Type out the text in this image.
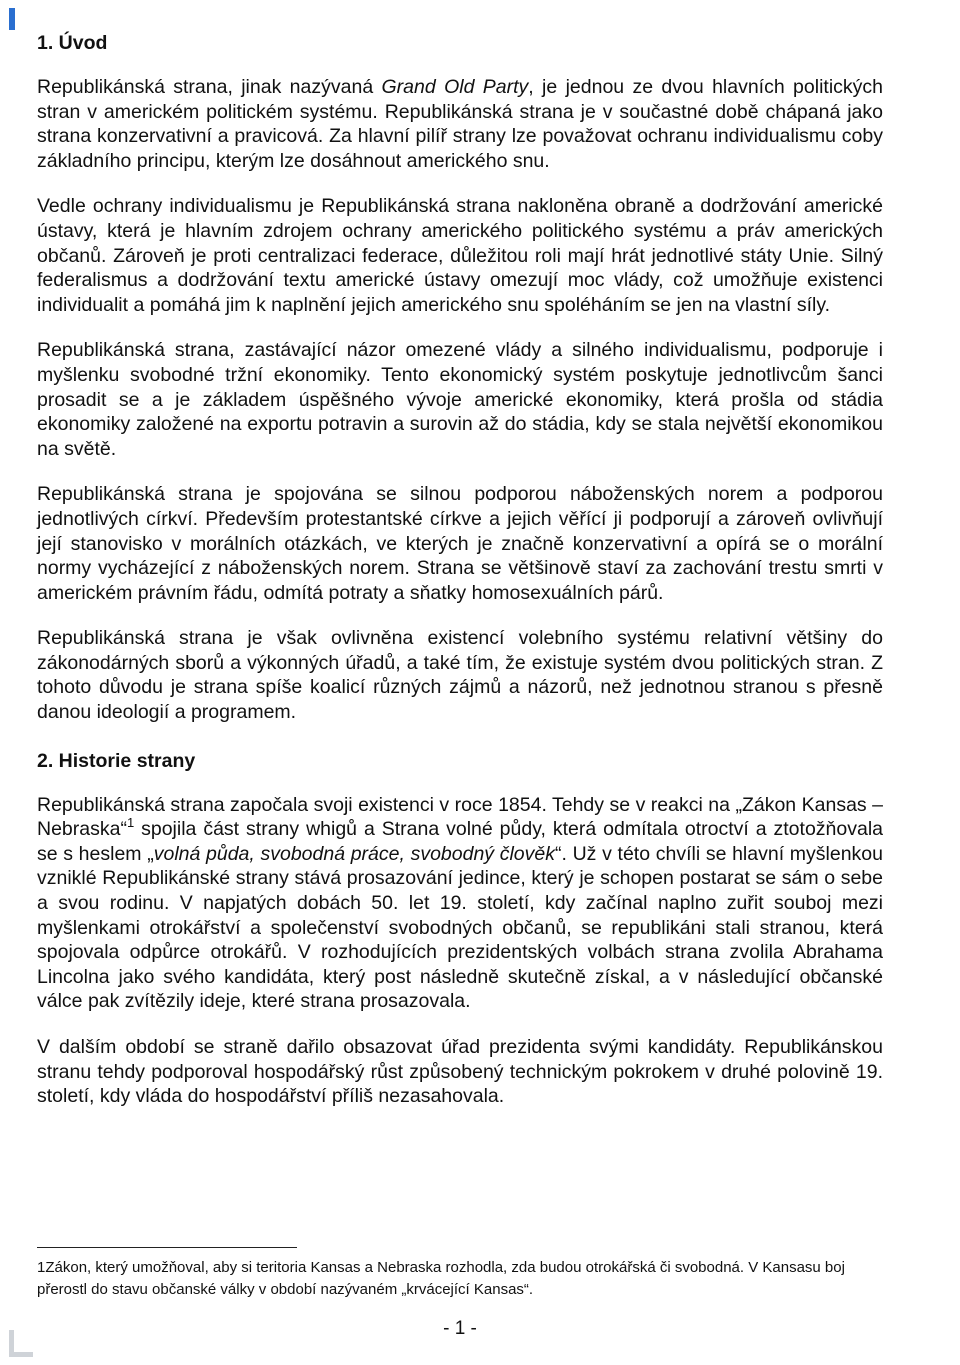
1. Úvod

Republikánská strana, jinak nazývaná Grand Old Party, je jednou ze dvou hlavních politických stran v americkém politickém systému. Republikánská strana je v součastné době chápaná jako strana konzervativní a pravicová. Za hlavní pilíř strany lze považovat ochranu individualismu coby základního principu, kterým lze dosáhnout amerického snu.

Vedle ochrany individualismu je Republikánská strana nakloněna obraně a dodržování americké ústavy, která je hlavním zdrojem ochrany amerického politického systému a práv amerických občanů. Zároveň je proti centralizaci federace, důležitou roli mají hrát jednotlivé státy Unie. Silný federalismus a dodržování textu americké ústavy omezují moc vlády, což umožňuje existenci individualit a pomáhá jim k naplnění jejich amerického snu spoléháním se jen na vlastní síly.

Republikánská strana, zastávající názor omezené vlády a silného individualismu, podporuje i myšlenku svobodné tržní ekonomiky. Tento ekonomický systém poskytuje jednotlivcům šanci prosadit se a je základem úspěšného vývoje americké ekonomiky, která prošla od stádia ekonomiky založené na exportu potravin a surovin až do stádia, kdy se stala největší ekonomikou na světě.

Republikánská strana je spojována se silnou podporou náboženských norem a podporou jednotlivých církví. Především protestantské církve a jejich věřící ji podporují a zároveň ovlivňují její stanovisko v morálních otázkách, ve kterých je značně konzervativní a opírá se o morální normy vycházející z náboženských norem. Strana se většinově staví za zachování trestu smrti v americkém právním řádu, odmítá potraty a sňatky homosexuálních párů.

Republikánská strana je však ovlivněna existencí volebního systému relativní většiny do zákonodárných sborů a výkonných úřadů, a také tím, že existuje systém dvou politických stran. Z tohoto důvodu je strana spíše koalicí různých zájmů a názorů, než jednotnou stranou s přesně danou ideologií a programem.

2. Historie strany

Republikánská strana započala svoji existenci v roce 1854. Tehdy se v reakci na „Zákon Kansas – Nebraska“$^1$ spojila část strany whigů a Strana volné půdy, která odmítala otroctví a ztotožňovala se s heslem „volná půda, svobodná práce, svobodný člověk“. Už v této chvíli se hlavní myšlenkou vzniklé Republikánské strany stává prosazování jedince, který je schopen postarat se sám o sebe a svou rodinu. V napjatých dobách 50. let 19. století, kdy začínal naplno zuřit souboj mezi myšlenkami otrokářství a společenství svobodných občanů, se republikáni stali stranou, která spojovala odpůrce otrokářů. V rozhodujících prezidentských volbách strana zvolila Abrahama Lincolna jako svého kandidáta, který post následně skutečně získal, a v následující občanské válce pak zvítězily ideje, které strana prosazovala.

V dalším období se straně dařilo obsazovat úřad prezidenta svými kandidáty. Republikánskou stranu tehdy podporoval hospodářský růst způsobený technickým pokrokem v druhé polovině 19. století, kdy vláda do hospodářství příliš nezasahovala.

1Zákon, který umožňoval, aby si teritoria Kansas a Nebraska rozhodla, zda budou otrokářská či svobodná. V Kansasu boj přerostl do stavu občanské války v období nazývaném „krvácející Kansas“.
- 1 -
